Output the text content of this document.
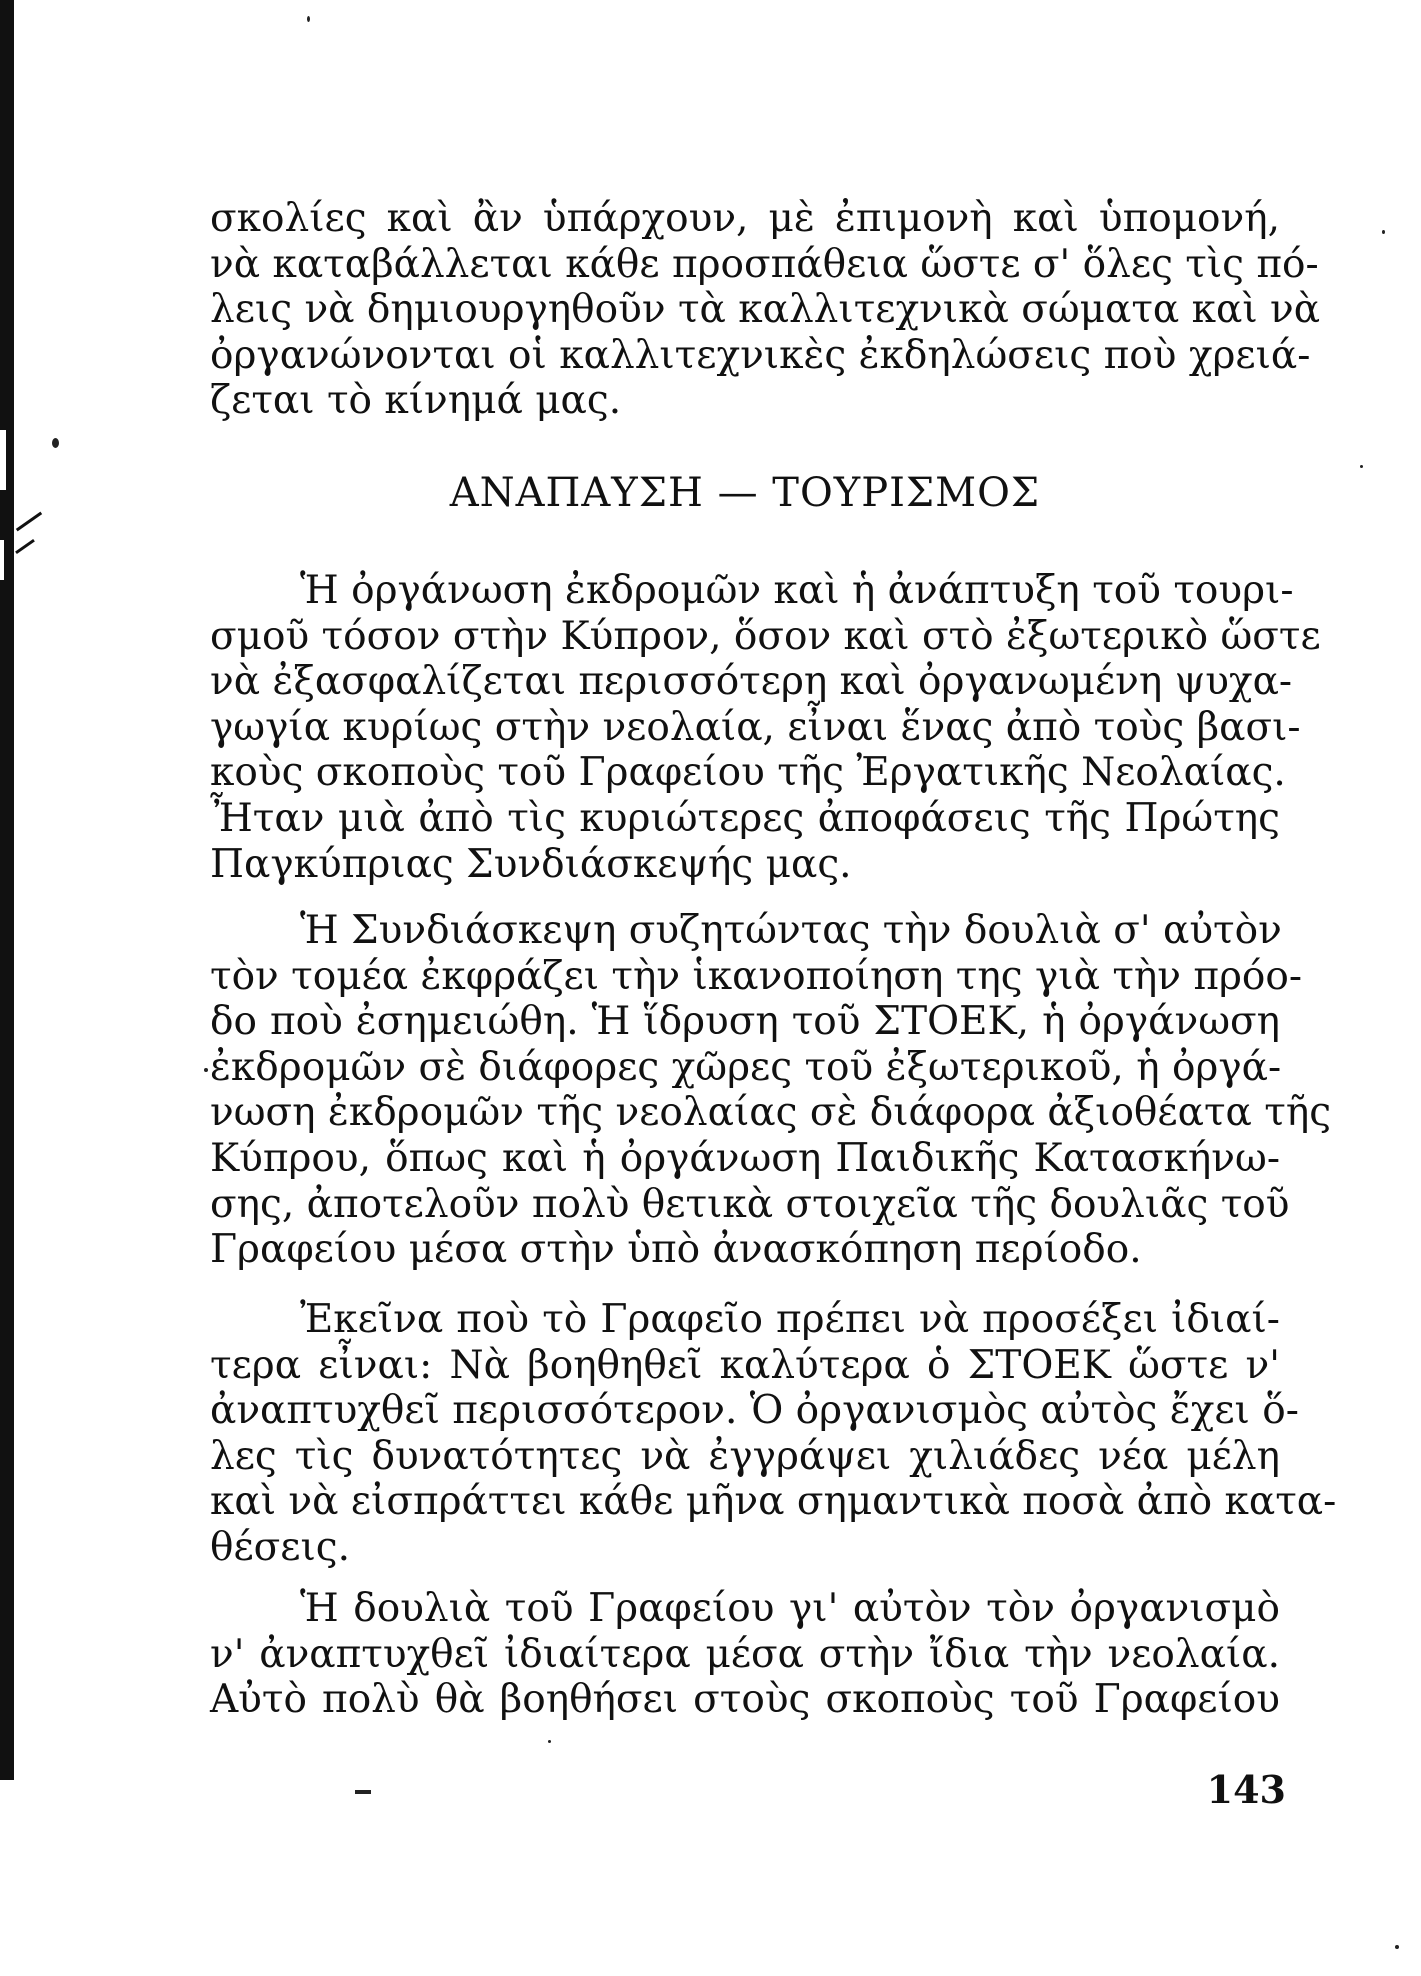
σκολίες καὶ ἂν ὑπάρχουν, μὲ ἐπιμονὴ καὶ ὑπομονή,
νὰ καταβάλλεται κάθε προσπάθεια ὥστε σ' ὅλες τὶς πό-
λεις νὰ δημιουργηθοῦν τὰ καλλιτεχνικὰ σώματα καὶ νὰ
ὀργανώνονται οἱ καλλιτεχνικὲς ἐκδηλώσεις ποὺ χρειά-
ζεται τὸ κίνημά μας.
ΑΝΑΠΑΥΣΗ — ΤΟΥΡΙΣΜΟΣ
Ἡ ὀργάνωση ἐκδρομῶν καὶ ἡ ἀνάπτυξη τοῦ τουρι-
σμοῦ τόσον στὴν Κύπρον, ὅσον καὶ στὸ ἐξωτερικὸ ὥστε
νὰ ἐξασφαλίζεται περισσότερη καὶ ὀργανωμένη ψυχα-
γωγία κυρίως στὴν νεολαία, εἶναι ἕνας ἀπὸ τοὺς βασι-
κοὺς σκοποὺς τοῦ Γραφείου τῆς Ἐργατικῆς Νεολαίας.
Ἦταν μιὰ ἀπὸ τὶς κυριώτερες ἀποφάσεις τῆς Πρώτης
Παγκύπριας Συνδιάσκεψής μας.
Ἡ Συνδιάσκεψη συζητώντας τὴν δουλιὰ σ' αὐτὸν
τὸν τομέα ἐκφράζει τὴν ἱκανοποίηση της γιὰ τὴν πρόο-
δο ποὺ ἐσημειώθη. Ἡ ἵδρυση τοῦ ΣΤΟΕΚ, ἡ ὀργάνωση
ἐκδρομῶν σὲ διάφορες χῶρες τοῦ ἐξωτερικοῦ, ἡ ὀργά-
νωση ἐκδρομῶν τῆς νεολαίας σὲ διάφορα ἀξιοθέατα τῆς
Κύπρου, ὅπως καὶ ἡ ὀργάνωση Παιδικῆς Κατασκήνω-
σης, ἀποτελοῦν πολὺ θετικὰ στοιχεῖα τῆς δουλιᾶς τοῦ
Γραφείου μέσα στὴν ὑπὸ ἀνασκόπηση περίοδο.
Ἐκεῖνα ποὺ τὸ Γραφεῖο πρέπει νὰ προσέξει ἰδιαί-
τερα εἶναι: Νὰ βοηθηθεῖ καλύτερα ὁ ΣΤΟΕΚ ὥστε ν'
ἀναπτυχθεῖ περισσότερον. Ὁ ὀργανισμὸς αὐτὸς ἔχει ὅ-
λες τὶς δυνατότητες νὰ ἐγγράψει χιλιάδες νέα μέλη
καὶ νὰ εἰσπράττει κάθε μῆνα σημαντικὰ ποσὰ ἀπὸ κατα-
θέσεις.
Ἡ δουλιὰ τοῦ Γραφείου γι' αὐτὸν τὸν ὀργανισμὸ
ν' ἀναπτυχθεῖ ἰδιαίτερα μέσα στὴν ἴδια τὴν νεολαία.
Αὐτὸ πολὺ θὰ βοηθήσει στοὺς σκοποὺς τοῦ Γραφείου
143
